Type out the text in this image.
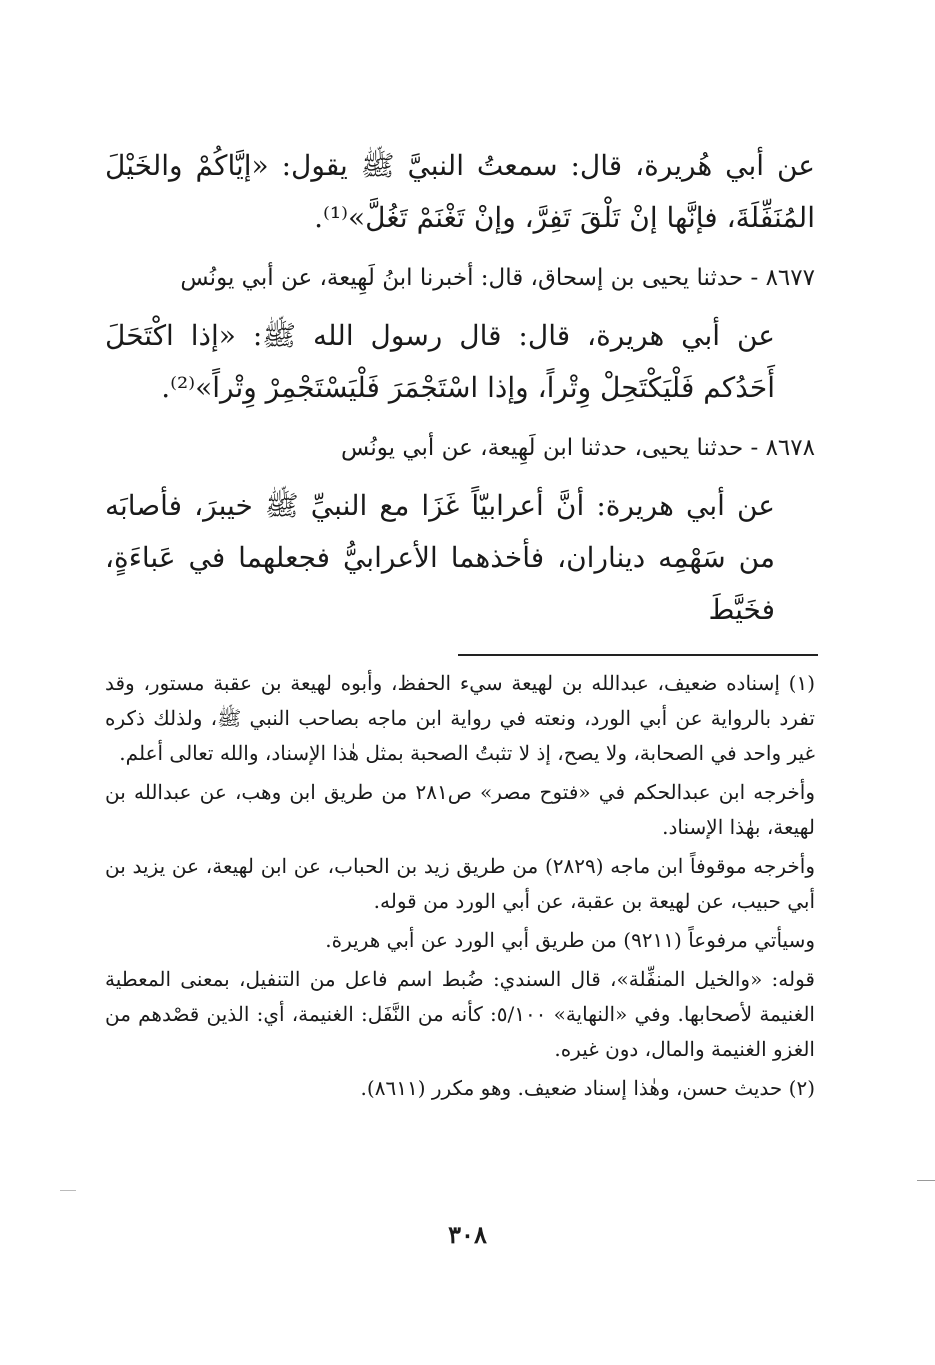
عن أبي هُريرة، قال: سمعتُ النبيَّ ﷺ يقول: «إيَّاكُمْ والخَيْلَ المُنَفِّلَةَ، فإنَّها إنْ تَلْقَ تَفِرَّ، وإنْ تَغْنَمْ تَغُلَّ»⁽¹⁾.

٨٦٧٧ - حدثنا يحيى بن إسحاق، قال: أخبرنا ابنُ لَهِيعة، عن أبي يونُس

عن أبي هريرة، قال: قال رسول الله ﷺ: «إذا اكْتَحَلَ أَحَدُكم فَلْيَكْتَحِلْ وِتْراً، وإذا اسْتَجْمَرَ فَلْيَسْتَجْمِرْ وِتْراً»⁽²⁾.

٨٦٧٨ - حدثنا يحيى، حدثنا ابن لَهِيعة، عن أبي يونُس

عن أبي هريرة: أنَّ أعرابيّاً غَزَا مع النبيِّ ﷺ خيبرَ، فأصابَه من سَهْمِه ديناران، فأخذهما الأعرابيُّ فجعلهما في عَباءَةٍ، فخَيَّطَ

(١) إسناده ضعيف، عبدالله بن لهيعة سيء الحفظ، وأبوه لهيعة بن عقبة مستور، وقد تفرد بالرواية عن أبي الورد، ونعته في رواية ابن ماجه بصاحب النبي ﷺ، ولذلك ذكره غير واحد في الصحابة، ولا يصح، إذ لا تثبتُ الصحبة بمثل هٰذا الإسناد، والله تعالى أعلم.

وأخرجه ابن عبدالحكم في «فتوح مصر» ص٢٨١ من طريق ابن وهب، عن عبدالله بن لهيعة، بهٰذا الإسناد.

وأخرجه موقوفاً ابن ماجه (٢٨٢٩) من طريق زيد بن الحباب، عن ابن لهيعة، عن يزيد بن أبي حبيب، عن لهيعة بن عقبة، عن أبي الورد من قوله.

وسيأتي مرفوعاً (٩٢١١) من طريق أبي الورد عن أبي هريرة.

قوله: «والخيل المنفِّلة»، قال السندي: ضُبط اسم فاعل من التنفيل، بمعنى المعطية الغنيمة لأصحابها. وفي «النهاية» ٥/١٠٠: كأنه من النَّفَل: الغنيمة، أي: الذين قصْدهم من الغزو الغنيمة والمال، دون غيره.

(٢) حديث حسن، وهٰذا إسناد ضعيف. وهو مكرر (٨٦١١).

٣٠٨
